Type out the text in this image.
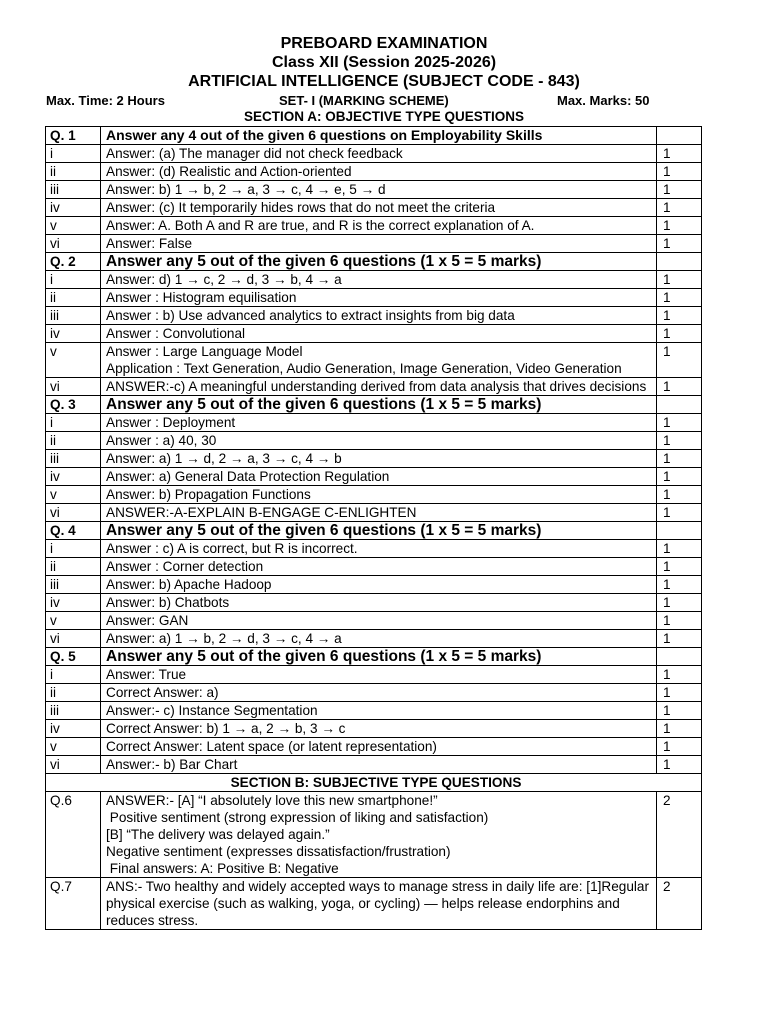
PREBOARD EXAMINATION
Class XII (Session 2025-2026)
ARTIFICIAL INTELLIGENCE (SUBJECT CODE - 843)
Max. Time: 2 Hours	SET- I (MARKING SCHEME)	Max. Marks: 50
SECTION A: OBJECTIVE TYPE QUESTIONS
Q. 1	Answer any 4 out of the given 6 questions on Employability Skills	
i	Answer: (a) The manager did not check feedback	1
ii	Answer: (d) Realistic and Action-oriented	1
iii	Answer: b) 1 → b, 2 → a, 3 → c, 4 → e, 5 → d	1
iv	Answer: (c) It temporarily hides rows that do not meet the criteria	1
v	Answer: A. Both A and R are true, and R is the correct explanation of A.	1
vi	Answer: False	1
Q. 2	Answer any 5 out of the given 6 questions (1 x 5 = 5 marks)	
i	Answer: d) 1 → c, 2 → d, 3 → b, 4 → a	1
ii	Answer : Histogram equilisation	1
iii	Answer : b) Use advanced analytics to extract insights from big data	1
iv	Answer : Convolutional	1
v	Answer : Large Language Model
Application : Text Generation, Audio Generation, Image Generation, Video Generation	1
vi	ANSWER:-c) A meaningful understanding derived from data analysis that drives decisions	1
Q. 3	Answer any 5 out of the given 6 questions (1 x 5 = 5 marks)	
i	Answer : Deployment	1
ii	Answer : a) 40, 30	1
iii	Answer: a) 1 → d, 2 → a, 3 → c, 4 → b	1
iv	Answer: a) General Data Protection Regulation	1
v	Answer: b) Propagation Functions	1
vi	ANSWER:-A-EXPLAIN B-ENGAGE C-ENLIGHTEN	1
Q. 4	Answer any 5 out of the given 6 questions (1 x 5 = 5 marks)	
i	Answer : c) A is correct, but R is incorrect.	1
ii	Answer : Corner detection	1
iii	Answer: b) Apache Hadoop	1
iv	Answer: b) Chatbots	1
v	Answer: GAN	1
vi	Answer: a) 1 → b, 2 → d, 3 → c, 4 → a	1
Q. 5	Answer any 5 out of the given 6 questions (1 x 5 = 5 marks)	
i	Answer: True	1
ii	Correct Answer: a)	1
iii	Answer:- c) Instance Segmentation	1
iv	Correct Answer: b) 1 → a, 2 → b, 3 → c	1
v	Correct Answer: Latent space (or latent representation)	1
vi	Answer:- b) Bar Chart	1
SECTION B: SUBJECTIVE TYPE QUESTIONS		
Q.6	ANSWER:- [A] “I absolutely love this new smartphone!”
Positive sentiment (strong expression of liking and satisfaction)
[B] “The delivery was delayed again.”
Negative sentiment (expresses dissatisfaction/frustration)
Final answers: A: Positive B: Negative	2
Q.7	ANS:- Two healthy and widely accepted ways to manage stress in daily life are: [1]Regular physical exercise (such as walking, yoga, or cycling) — helps release endorphins and reduces stress.	2
